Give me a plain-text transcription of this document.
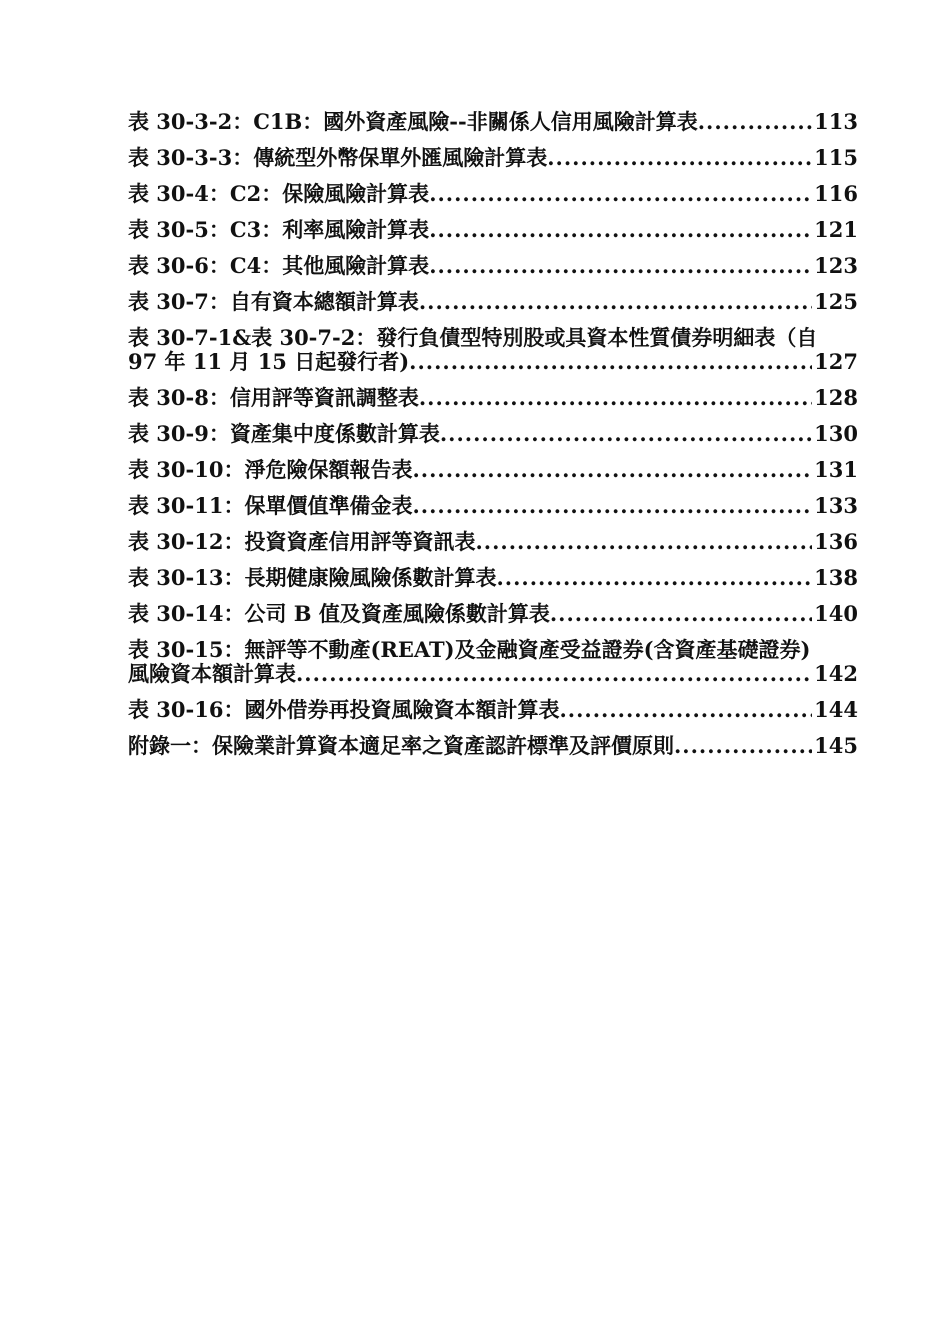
表 30-3-2：C1B：國外資產風險--非關係人信用風險計算表 .....	113
表 30-3-3：傳統型外幣保單外匯風險計算表 .....	115
表 30-4：C2：保險風險計算表 .....	116
表 30-5：C3：利率風險計算表 .....	121
表 30-6：C4：其他風險計算表 .....	123
表 30-7：自有資本總額計算表 .....	125
表 30-7-1&表 30-7-2：發行負債型特別股或具資本性質債券明細表（自
97 年 11 月 15 日起發行者) .....	127
表 30-8：信用評等資訊調整表 .....	128
表 30-9：資產集中度係數計算表 .....	130
表 30-10：淨危險保額報告表 .....	131
表 30-11：保單價值準備金表 .....	133
表 30-12：投資資產信用評等資訊表 .....	136
表 30-13：長期健康險風險係數計算表 .....	138
表 30-14：公司 B 值及資產風險係數計算表 .....	140
表 30-15：無評等不動產(REAT)及金融資產受益證券(含資產基礎證券)
風險資本額計算表 .....	142
表 30-16：國外借券再投資風險資本額計算表 .....	144
附錄一：保險業計算資本適足率之資產認許標準及評價原則 .....	145
